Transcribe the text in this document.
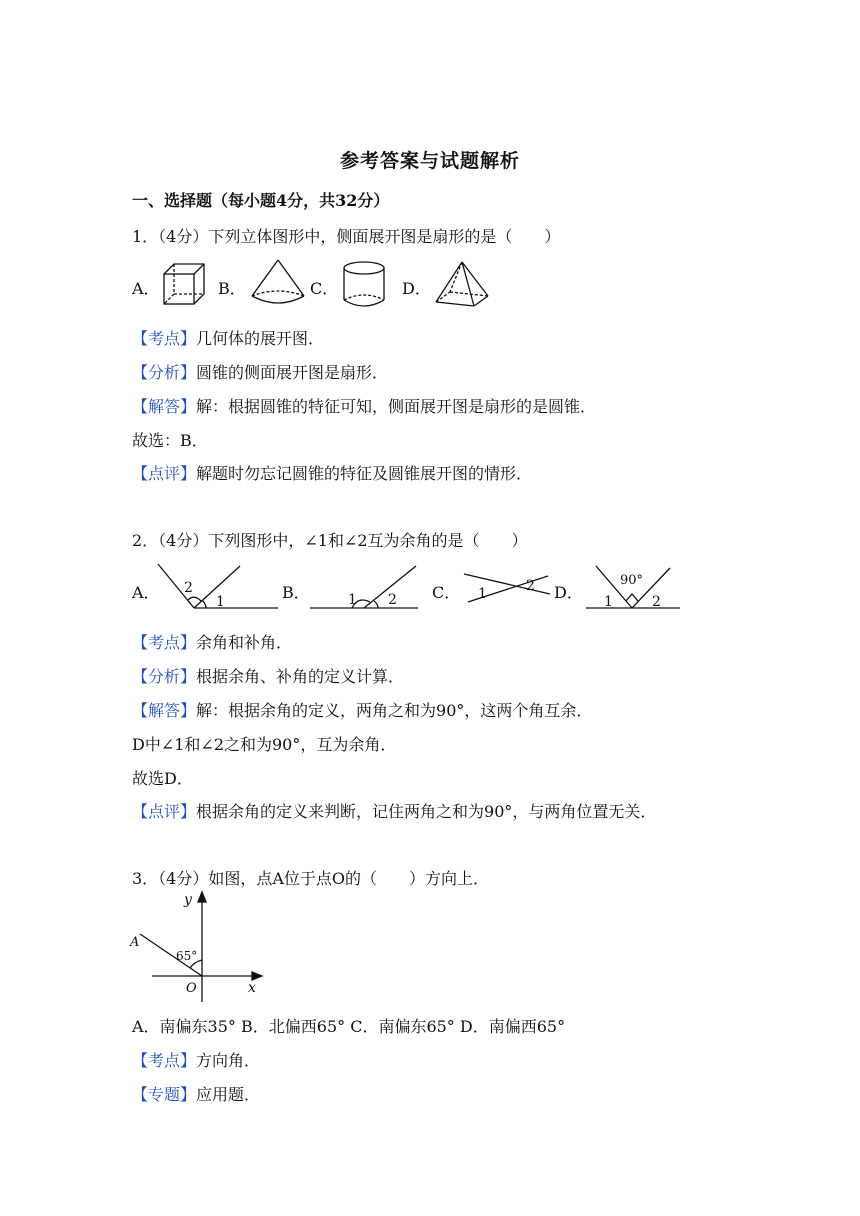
参考答案与试题解析
一、选择题（每小题4分，共32分）
1．（4分）下列立体图形中，侧面展开图是扇形的是（　　）
A．	B．	C．	D．
【考点】几何体的展开图．
【分析】圆锥的侧面展开图是扇形．
【解答】解：根据圆锥的特征可知，侧面展开图是扇形的是圆锥．
故选：B．
【点评】解题时勿忘记圆锥的特征及圆锥展开图的情形．
2．（4分）下列图形中，∠1和∠2互为余角的是（　　）
A． 2
1	B．	1 2 C． 1	2 D． 1
90°
2
【考点】余角和补角．
【分析】根据余角、补角的定义计算．
【解答】解：根据余角的定义，两角之和为90°，这两个角互余．
D中∠1和∠2之和为90°，互为余角．
故选D．
【点评】根据余角的定义来判断，记住两角之和为90°，与两角位置无关．
3．（4分）如图，点A位于点O的（　　）方向上．
y
x
A
O
65°
A．南偏东35° B．北偏西65° C．南偏东65° D．南偏西65°
【考点】方向角．
【专题】应用题．
